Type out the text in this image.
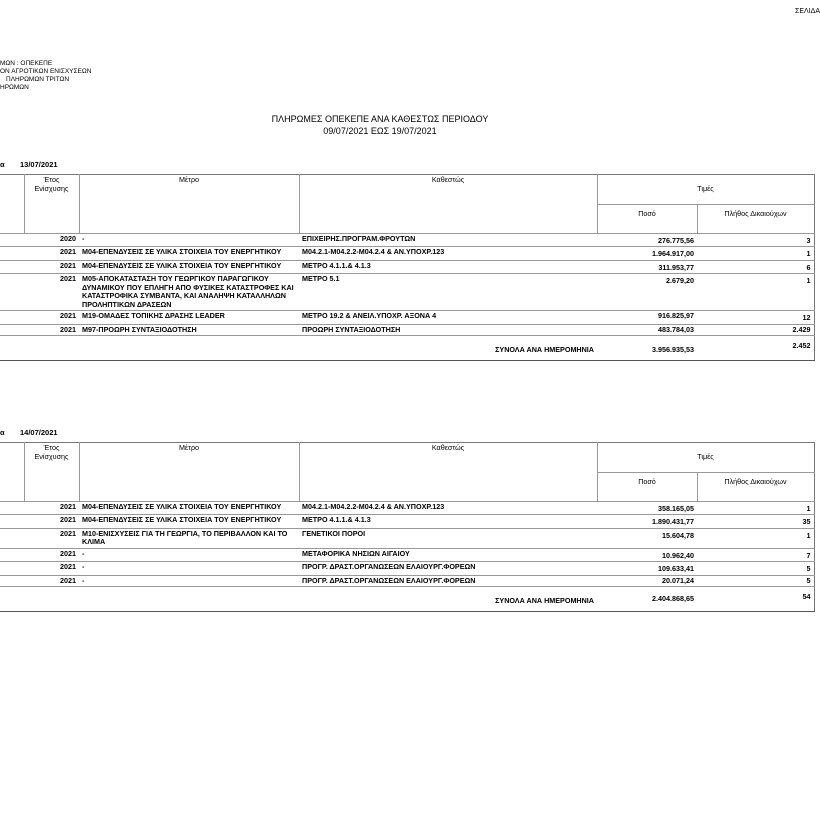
ΣΕΛΙΔΑ
ΜΩΝ : ΟΠΕΚΕΠΕ
ΟΝ ΑΓΡΟΤΙΚΩΝ ΕΝΙΣΧΥΣΕΩΝ
ΠΛΗΡΩΜΩΝ ΤΡΙΤΩΝ
ΗΡΩΜΩΝ
ΠΛΗΡΩΜΕΣ ΟΠΕΚΕΠΕ ΑΝΑ ΚΑΘΕΣΤΩΣ ΠΕΡΙΟΔΟΥ
09/07/2021 ΕΩΣ 19/07/2021
α 13/07/2021
	Έτος Ενίσχυσης	Μέτρο	Καθεστώς	Τιμές	
				Ποσό	Πλήθος Δικαιούχων
	2020	-	ΕΠΙΧΕΙΡΗΣ.ΠΡΟΓΡΑΜ.ΦΡΟΥΤΩΝ	276.775,56	3
	2021	Μ04-ΕΠΕΝΔΥΣΕΙΣ ΣΕ ΥΛΙΚΑ ΣΤΟΙΧΕΙΑ ΤΟΥ ΕΝΕΡΓΗΤΙΚΟΥ	Μ04.2.1-Μ04.2.2-Μ04.2.4 & ΑΝ.ΥΠΟΧΡ.123	1.964.917,00	1
	2021	Μ04-ΕΠΕΝΔΥΣΕΙΣ ΣΕ ΥΛΙΚΑ ΣΤΟΙΧΕΙΑ ΤΟΥ ΕΝΕΡΓΗΤΙΚΟΥ	ΜΕΤΡΟ 4.1.1.& 4.1.3	311.953,77	6
	2021	Μ05-ΑΠΟΚΑΤΑΣΤΑΣΗ ΤΟΥ ΓΕΩΡΓΙΚΟΥ ΠΑΡΑΓΩΓΙΚΟΥ ΔΥΝΑΜΙΚΟΥ ΠΟΥ ΕΠΛΗΓΗ ΑΠΟ ΦΥΣΙΚΕΣ ΚΑΤΑΣΤΡΟΦΕΣ ΚΑΙ ΚΑΤΑΣΤΡΟΦΙΚΑ ΣΥΜΒΑΝΤΑ, ΚΑΙ ΑΝΑΛΗΨΗ ΚΑΤΑΛΛΗΛΩΝ ΠΡΟΛΗΠΤΙΚΩΝ ΔΡΑΣΕΩΝ	ΜΕΤΡΟ 5.1	2.679,20	1
	2021	Μ19-ΟΜΑΔΕΣ ΤΟΠΙΚΗΣ ΔΡΑΣΗΣ LEADER	ΜΕΤΡΟ 19.2 & ΑΝΕΙΛ.ΥΠΟΧΡ. ΑΞΟΝΑ 4	916.825,97	12
	2021	Μ97-ΠΡΟΩΡΗ ΣΥΝΤΑΞΙΟΔΟΤΗΣΗ	ΠΡΟΩΡΗ ΣΥΝΤΑΞΙΟΔΟΤΗΣΗ	483.784,03	2.429
			ΣΥΝΟΛΑ ΑΝΑ ΗΜΕΡΟΜΗΝΙΑ	3.956.935,53	2.452
α 14/07/2021
	Έτος Ενίσχυσης	Μέτρο	Καθεστώς	Τιμές	
				Ποσό	Πλήθος Δικαιούχων
	2021	Μ04-ΕΠΕΝΔΥΣΕΙΣ ΣΕ ΥΛΙΚΑ ΣΤΟΙΧΕΙΑ ΤΟΥ ΕΝΕΡΓΗΤΙΚΟΥ	Μ04.2.1-Μ04.2.2-Μ04.2.4 & ΑΝ.ΥΠΟΧΡ.123	358.165,05	1
	2021	Μ04-ΕΠΕΝΔΥΣΕΙΣ ΣΕ ΥΛΙΚΑ ΣΤΟΙΧΕΙΑ ΤΟΥ ΕΝΕΡΓΗΤΙΚΟΥ	ΜΕΤΡΟ 4.1.1.& 4.1.3	1.890.431,77	35
	2021	Μ10-ΕΝΙΣΧΥΣΕΙΣ ΓΙΑ ΤΗ ΓΕΩΡΓΙΑ, ΤΟ ΠΕΡΙΒΑΛΛΟΝ ΚΑΙ ΤΟ ΚΛΙΜΑ	ΓΕΝΕΤΙΚΟΙ ΠΟΡΟΙ	15.604,78	1
	2021	-	ΜΕΤΑΦΟΡΙΚΑ ΝΗΣΙΩΝ ΑΙΓΑΙΟΥ	10.962,40	7
	2021	-	ΠΡΟΓΡ. ΔΡΑΣΤ.ΟΡΓΑΝΩΣΕΩΝ ΕΛΑΙΟΥΡΓ.ΦΟΡΕΩΝ	109.633,41	5
	2021	-	ΠΡΟΓΡ. ΔΡΑΣΤ.ΟΡΓΑΝΩΣΕΩΝ ΕΛΑΙΟΥΡΓ.ΦΟΡΕΩΝ	20.071,24	5
			ΣΥΝΟΛΑ ΑΝΑ ΗΜΕΡΟΜΗΝΙΑ	2.404.868,65	54
